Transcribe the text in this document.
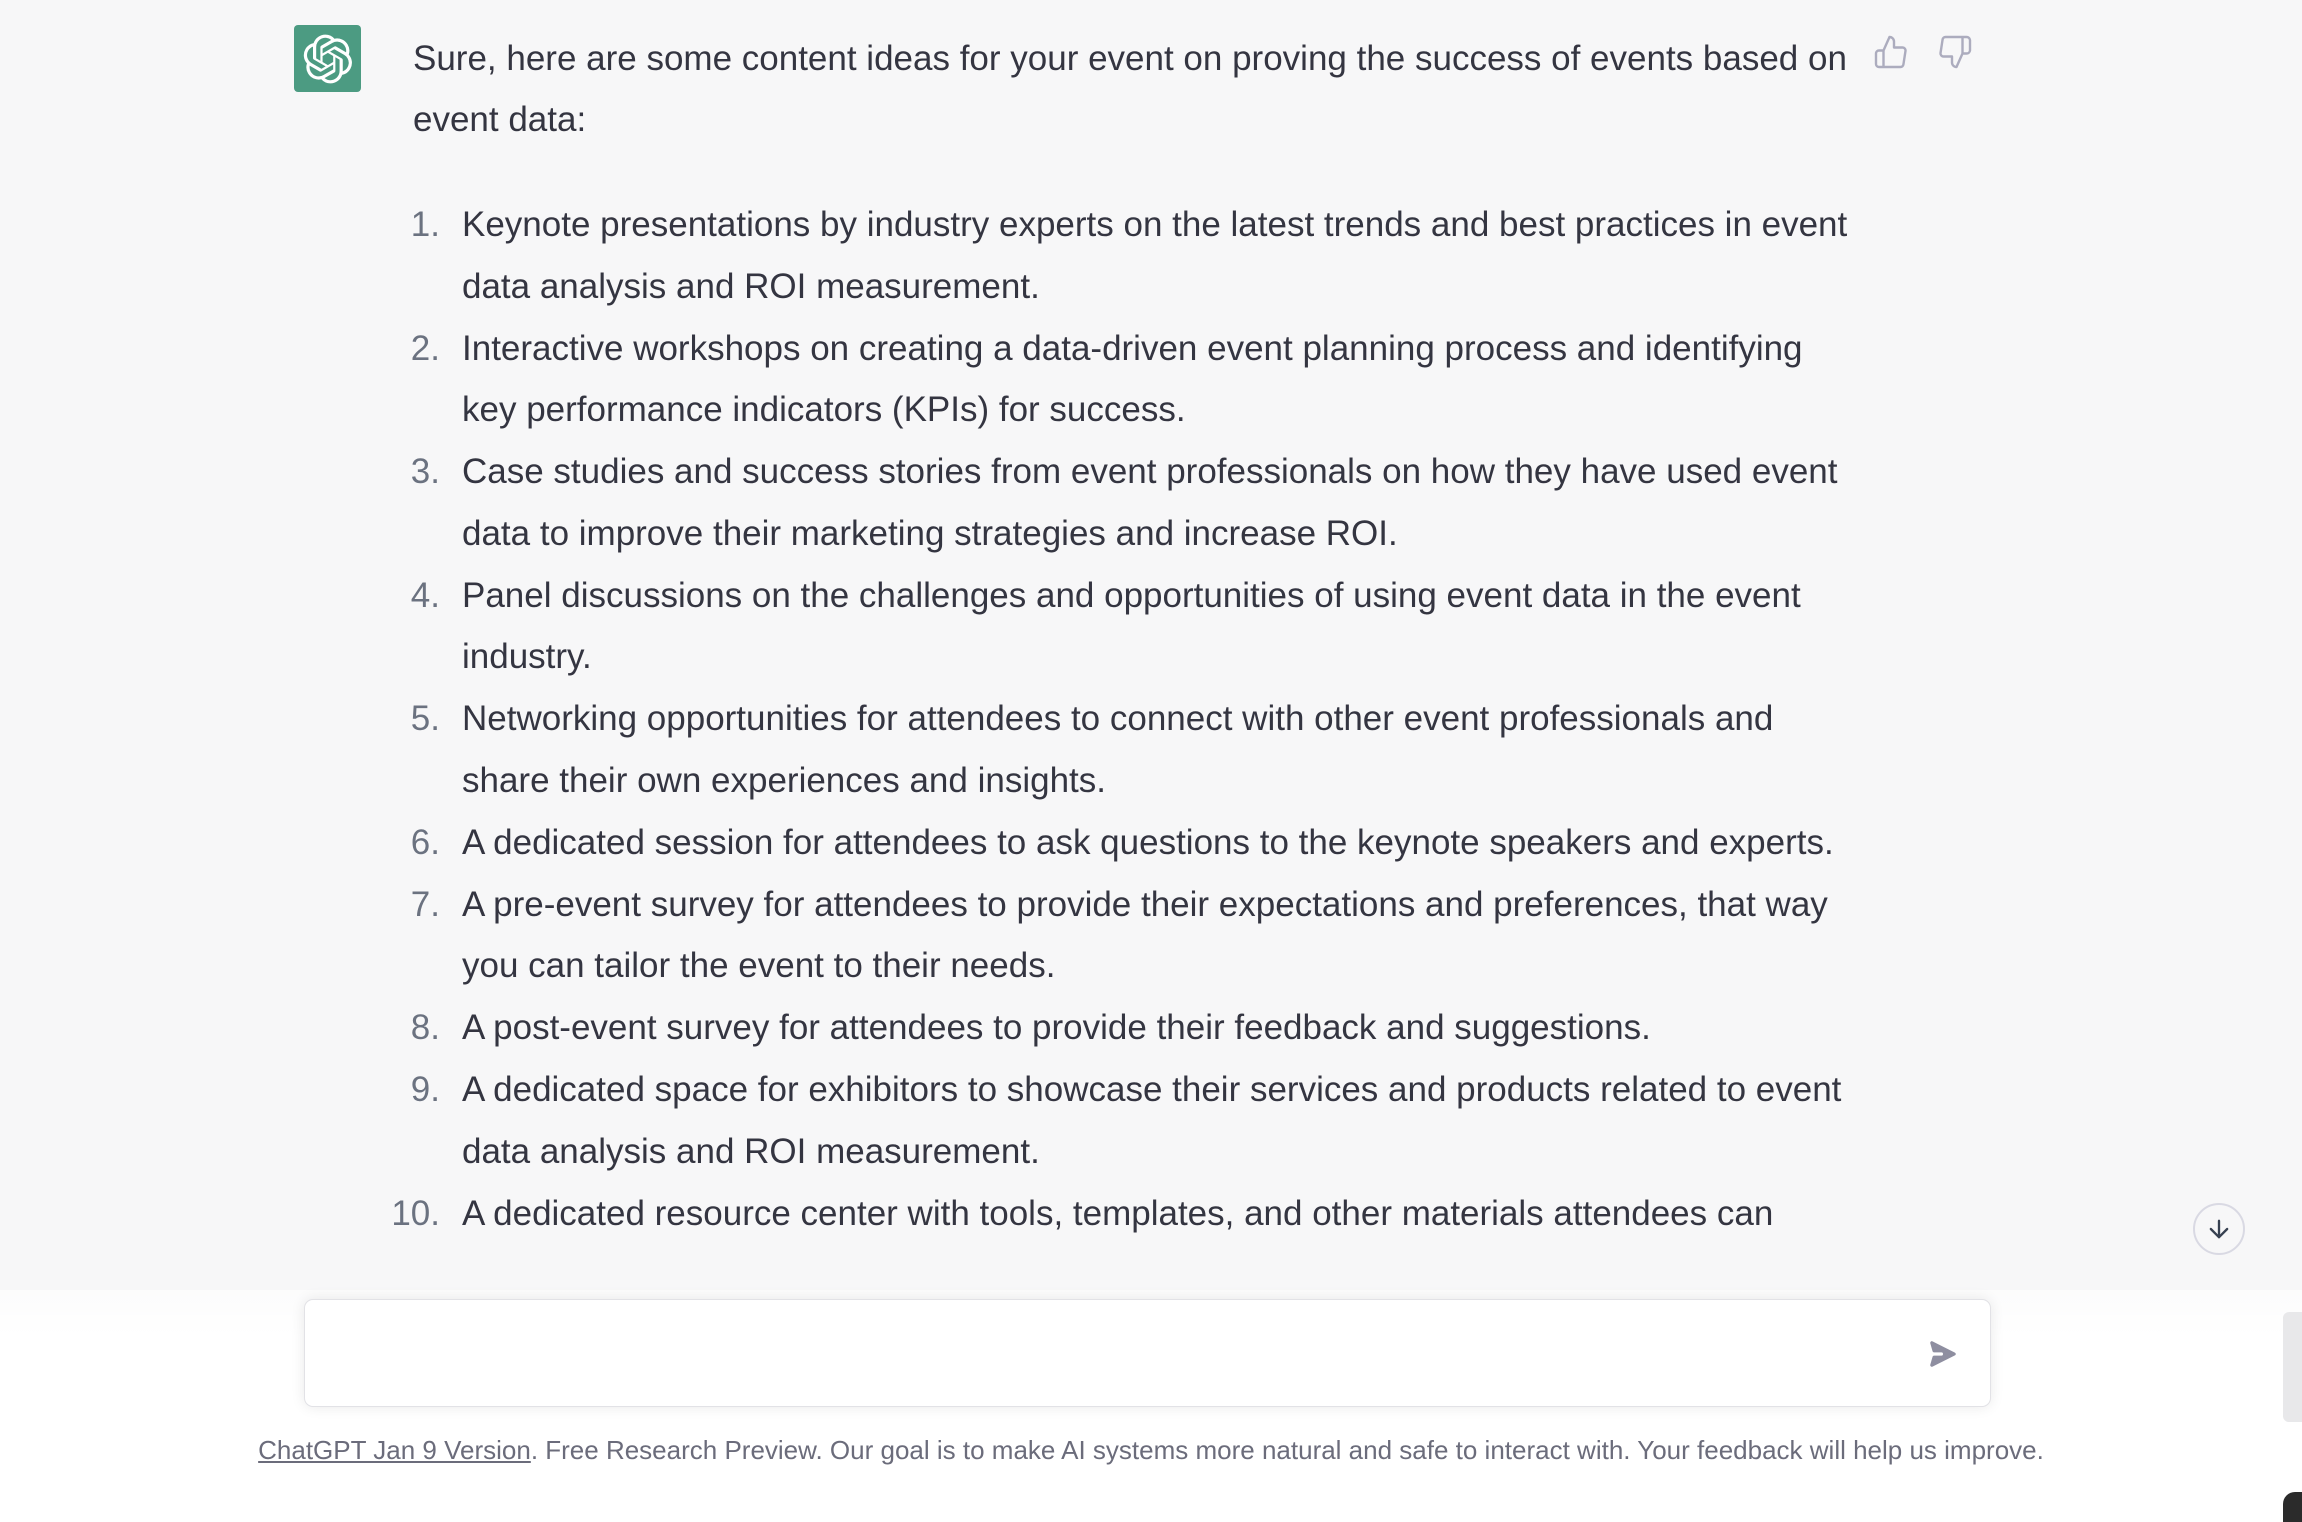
Sure, here are some content ideas for your event on proving the success of events based on event data:
1. Keynote presentations by industry experts on the latest trends and best practices in event data analysis and ROI measurement.
2. Interactive workshops on creating a data-driven event planning process and identifying key performance indicators (KPIs) for success.
3. Case studies and success stories from event professionals on how they have used event data to improve their marketing strategies and increase ROI.
4. Panel discussions on the challenges and opportunities of using event data in the event industry.
5. Networking opportunities for attendees to connect with other event professionals and share their own experiences and insights.
6. A dedicated session for attendees to ask questions to the keynote speakers and experts.
7. A pre-event survey for attendees to provide their expectations and preferences, that way you can tailor the event to their needs.
8. A post-event survey for attendees to provide their feedback and suggestions.
9. A dedicated space for exhibitors to showcase their services and products related to event data analysis and ROI measurement.
10. A dedicated resource center with tools, templates, and other materials attendees can
ChatGPT Jan 9 Version. Free Research Preview. Our goal is to make AI systems more natural and safe to interact with. Your feedback will help us improve.
